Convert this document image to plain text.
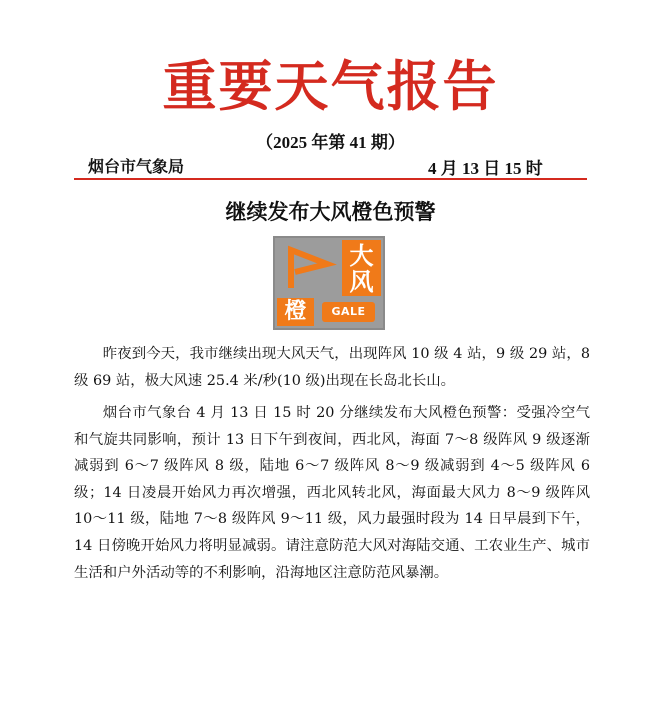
重要天气报告
（2025 年第 41 期）
烟台市气象局	4 月 13 日 15 时
继续发布大风橙色预警
大
风
橙	GALE

昨夜到今天，我市继续出现大风天气，出现阵风 10 级 4 站，9 级 29 站，8 级 69 站，极大风速 25.4 米/秒(10 级)出现在长岛北长山。

烟台市气象台 4 月 13 日 15 时 20 分继续发布大风橙色预警：受强冷空气和气旋共同影响，预计 13 日下午到夜间，西北风，海面 7～8 级阵风 9 级逐渐减弱到 6～7 级阵风 8 级，陆地 6～7 级阵风 8～9 级减弱到 4～5 级阵风 6 级；14 日凌晨开始风力再次增强，西北风转北风，海面最大风力 8～9 级阵风 10～11 级，陆地 7～8 级阵风 9～11 级，风力最强时段为 14 日早晨到下午，14 日傍晚开始风力将明显减弱。请注意防范大风对海陆交通、工农业生产、城市生活和户外活动等的不利影响，沿海地区注意防范风暴潮。
